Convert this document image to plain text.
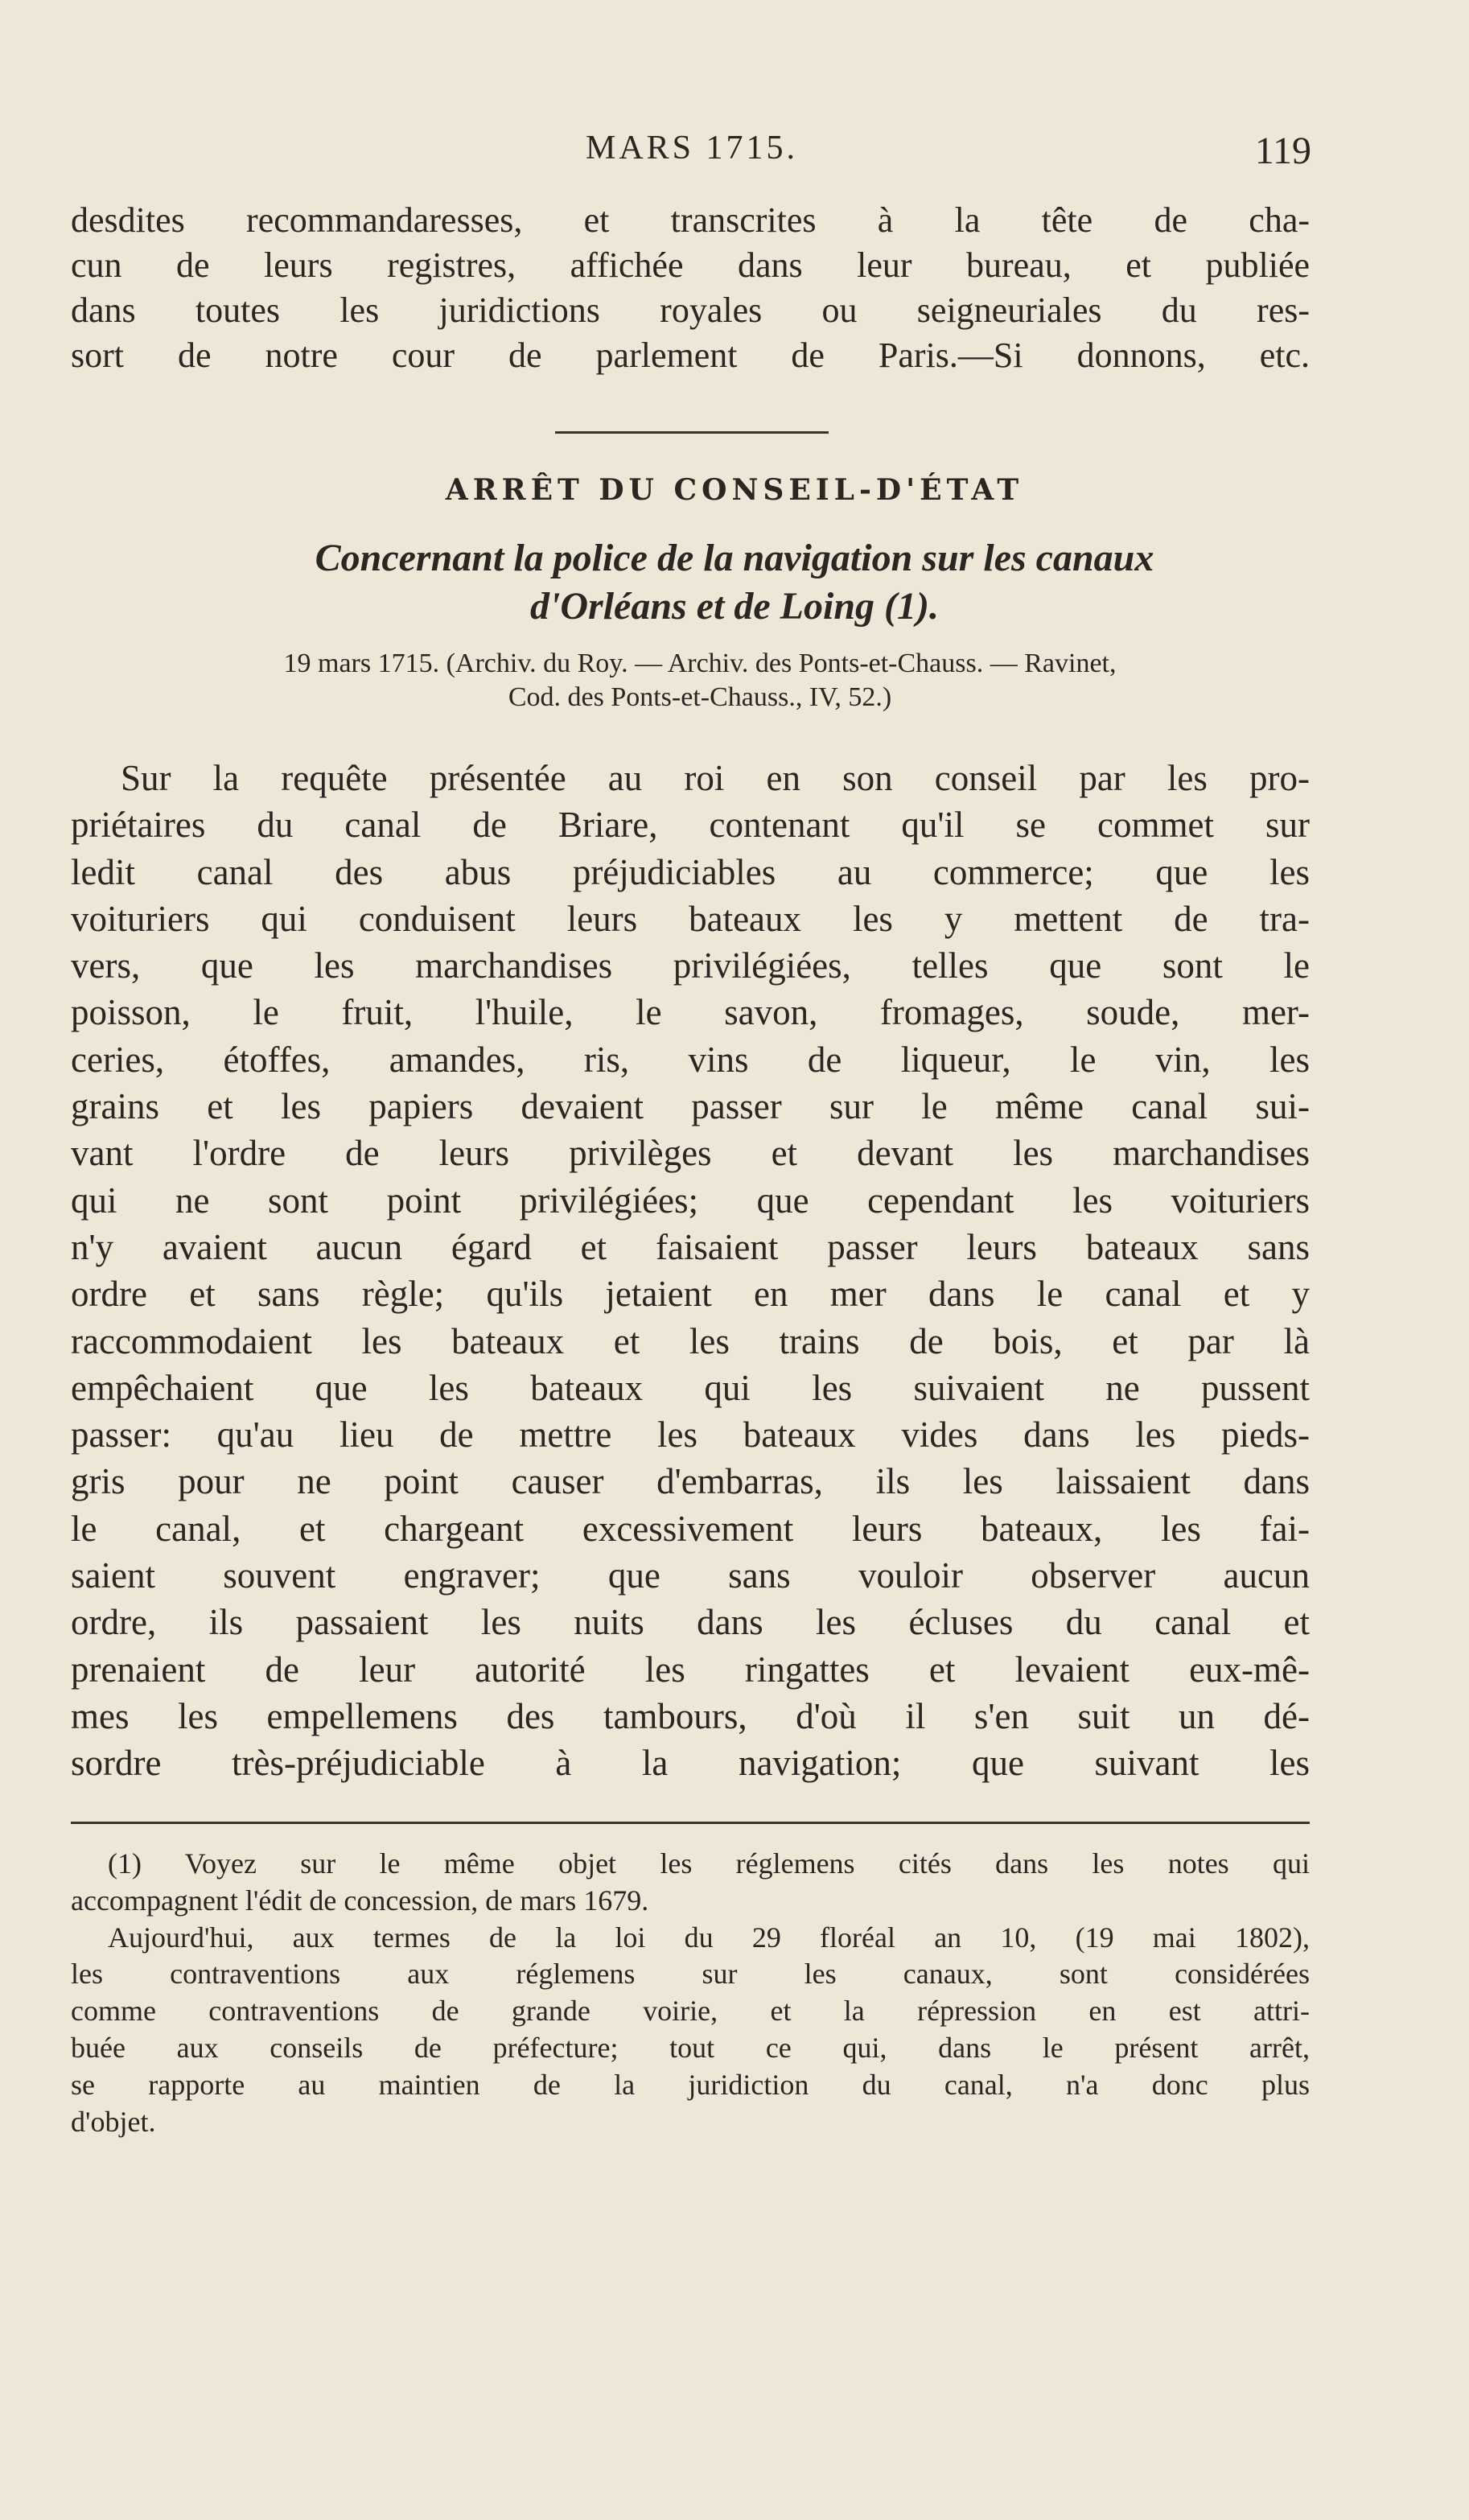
MARS 1715.	119
desdites recommandaresses, et transcrites à la tête de cha-
cun de leurs registres, affichée dans leur bureau, et publiée
dans toutes les juridictions royales ou seigneuriales du res-
sort de notre cour de parlement de Paris.—Si donnons, etc.
ARRÊT DU CONSEIL-D'ÉTAT
Concernant la police de la navigation sur les canaux
d'Orléans et de Loing (1).
19 mars 1715. (Archiv. du Roy. — Archiv. des Ponts-et-Chauss. — Ravinet,
Cod. des Ponts-et-Chauss., IV, 52.)
Sur la requête présentée au roi en son conseil par les pro-
priétaires du canal de Briare, contenant qu'il se commet sur
ledit canal des abus préjudiciables au commerce; que les
voituriers qui conduisent leurs bateaux les y mettent de tra-
vers, que les marchandises privilégiées, telles que sont le
poisson, le fruit, l'huile, le savon, fromages, soude, mer-
ceries, étoffes, amandes, ris, vins de liqueur, le vin, les
grains et les papiers devaient passer sur le même canal sui-
vant l'ordre de leurs privilèges et devant les marchandises
qui ne sont point privilégiées; que cependant les voituriers
n'y avaient aucun égard et faisaient passer leurs bateaux sans
ordre et sans règle; qu'ils jetaient en mer dans le canal et y
raccommodaient les bateaux et les trains de bois, et par là
empêchaient que les bateaux qui les suivaient ne pussent
passer: qu'au lieu de mettre les bateaux vides dans les pieds-
gris pour ne point causer d'embarras, ils les laissaient dans
le canal, et chargeant excessivement leurs bateaux, les fai-
saient souvent engraver; que sans vouloir observer aucun
ordre, ils passaient les nuits dans les écluses du canal et
prenaient de leur autorité les ringattes et levaient eux-mê-
mes les empellemens des tambours, d'où il s'en suit un dé-
sordre très-préjudiciable à la navigation; que suivant les
(1) Voyez sur le même objet les réglemens cités dans les notes qui
accompagnent l'édit de concession, de mars 1679.
Aujourd'hui, aux termes de la loi du 29 floréal an 10, (19 mai 1802),
les contraventions aux réglemens sur les canaux, sont considérées
comme contraventions de grande voirie, et la répression en est attri-
buée aux conseils de préfecture; tout ce qui, dans le présent arrêt,
se rapporte au maintien de la juridiction du canal, n'a donc plus
d'objet.
